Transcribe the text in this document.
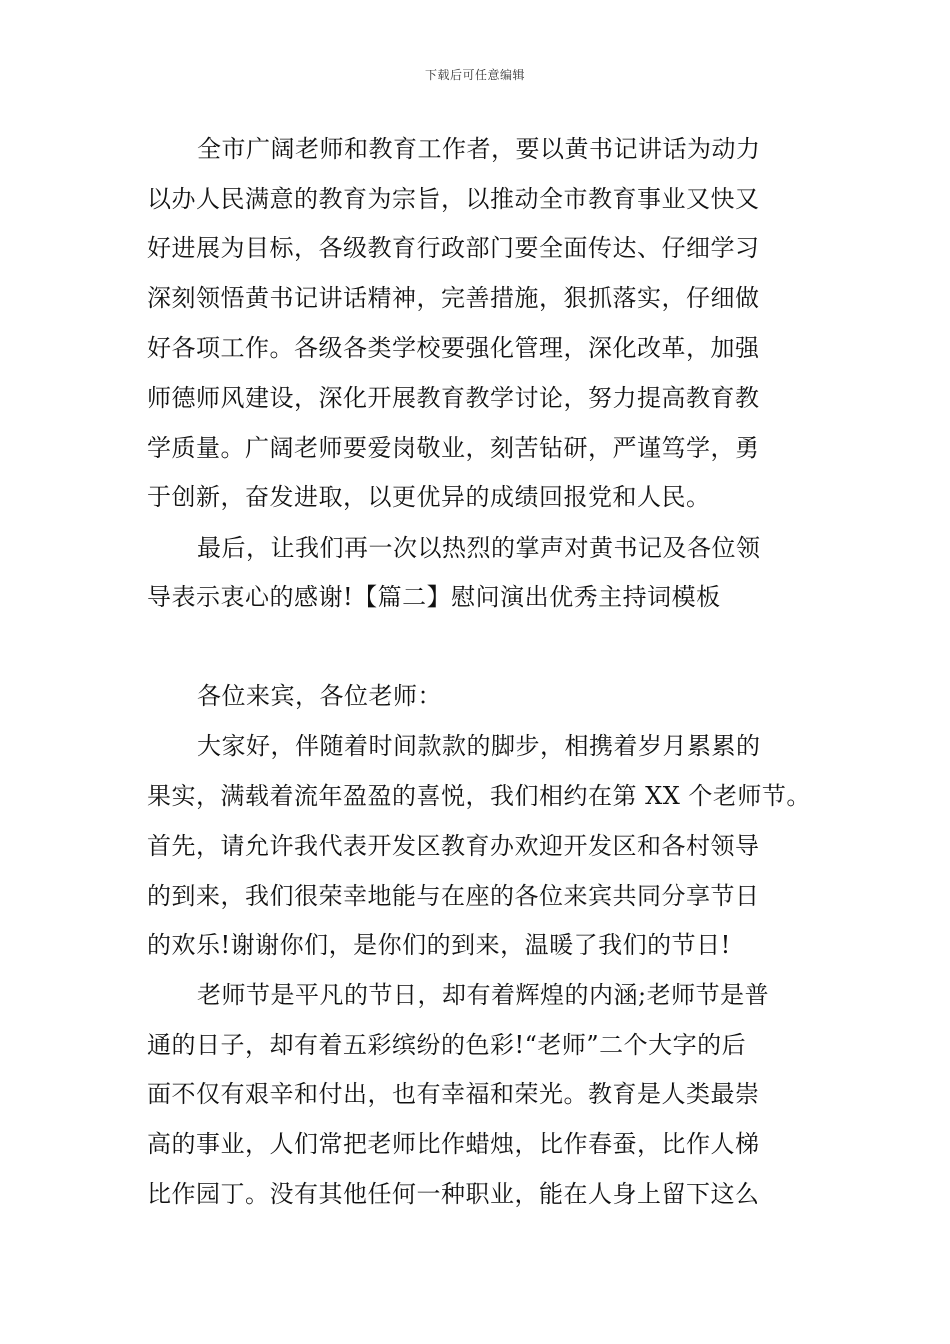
下载后可任意编辑
全市广阔老师和教育工作者，要以黄书记讲话为动力
以办人民满意的教育为宗旨，以推动全市教育事业又快又
好进展为目标，各级教育行政部门要全面传达、仔细学习
深刻领悟黄书记讲话精神，完善措施，狠抓落实，仔细做
好各项工作。各级各类学校要强化管理，深化改革，加强
师德师风建设，深化开展教育教学讨论，努力提高教育教
学质量。广阔老师要爱岗敬业，刻苦钻研，严谨笃学，勇
于创新，奋发进取，以更优异的成绩回报党和人民。
最后，让我们再一次以热烈的掌声对黄书记及各位领
导表示衷心的感谢!【篇二】慰问演出优秀主持词模板
各位来宾，各位老师：
大家好，伴随着时间款款的脚步，相携着岁月累累的
果实，满载着流年盈盈的喜悦，我们相约在第 XX 个老师节。
首先，请允许我代表开发区教育办欢迎开发区和各村领导
的到来，我们很荣幸地能与在座的各位来宾共同分享节日
的欢乐!谢谢你们，是你们的到来，温暖了我们的节日!
老师节是平凡的节日，却有着辉煌的内涵;老师节是普
通的日子，却有着五彩缤纷的色彩!“老师”二个大字的后
面不仅有艰辛和付出，也有幸福和荣光。教育是人类最崇
高的事业，人们常把老师比作蜡烛，比作春蚕，比作人梯
比作园丁。没有其他任何一种职业，能在人身上留下这么
